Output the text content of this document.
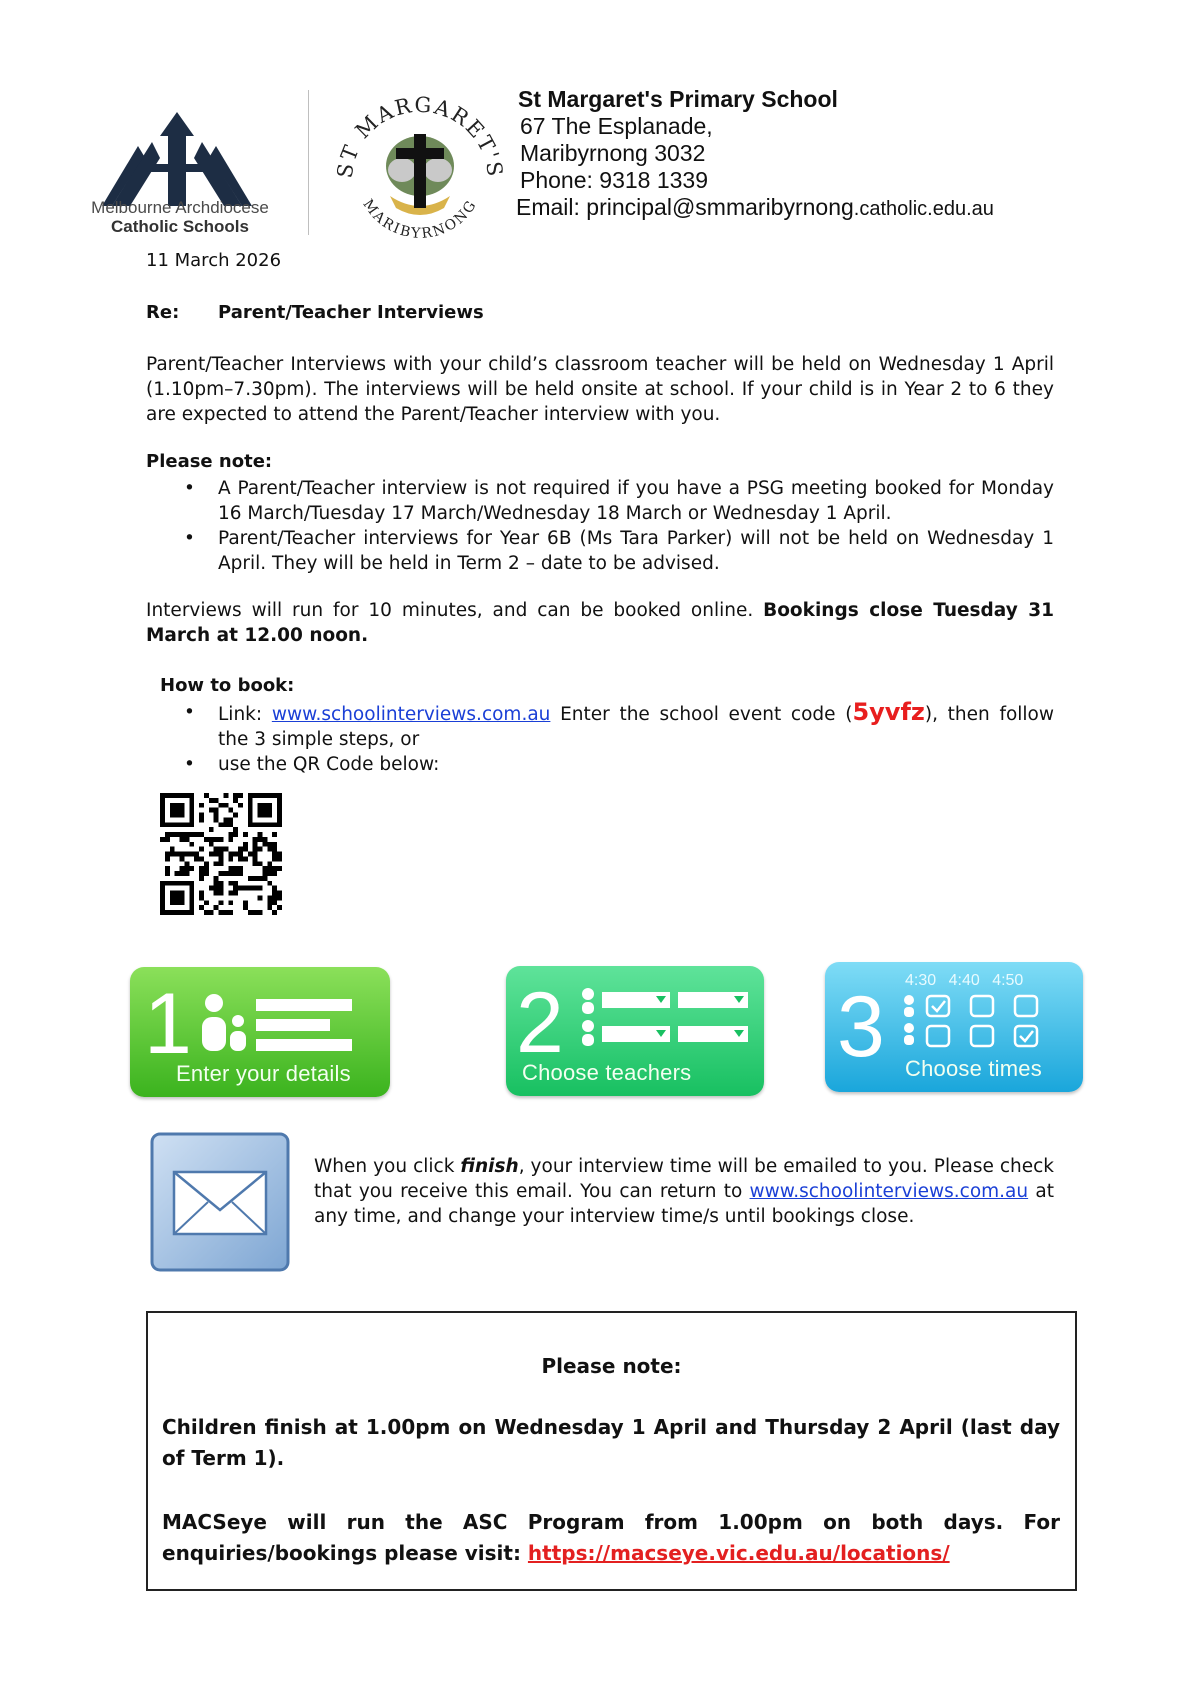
Melbourne Archdiocese
Catholic Schools
ST MARGARET'S
MARIBYRNONG
St Margaret's Primary School
67 The Esplanade,
Maribyrnong 3032
Phone: 9318 1339
Email: principal@smmaribyrnong.catholic.edu.au
11 March 2026
Re: Parent/Teacher Interviews

Parent/Teacher Interviews with your child’s classroom teacher will be held on Wednesday 1 April (1.10pm–7.30pm). The interviews will be held onsite at school. If your child is in Year 2 to 6 they are expected to attend the Parent/Teacher interview with you.

Please note:
• A Parent/Teacher interview is not required if you have a PSG meeting booked for Monday 16 March/Tuesday 17 March/Wednesday 18 March or Wednesday 1 April.
• Parent/Teacher interviews for Year 6B (Ms Tara Parker) will not be held on Wednesday 1 April. They will be held in Term 2 – date to be advised.

Interviews will run for 10 minutes, and can be booked online. Bookings close Tuesday 31 March at 12.00 noon.

How to book:
• Link: www.schoolinterviews.com.au Enter the school event code (5yvfz), then follow the 3 simple steps, or
• use the QR Code below:
1
Enter your details
2
Choose teachers 3 4:30 4:40 4:50
Choose times

When you click finish, your interview time will be emailed to you. Please check that you receive this email. You can return to www.schoolinterviews.com.au at any time, and change your interview time/s until bookings close.

Please note:

Children finish at 1.00pm on Wednesday 1 April and Thursday 2 April (last day of Term 1).

MACSeye will run the ASC Program from 1.00pm on both days. For enquiries/bookings please visit: https://macseye.vic.edu.au/locations/
